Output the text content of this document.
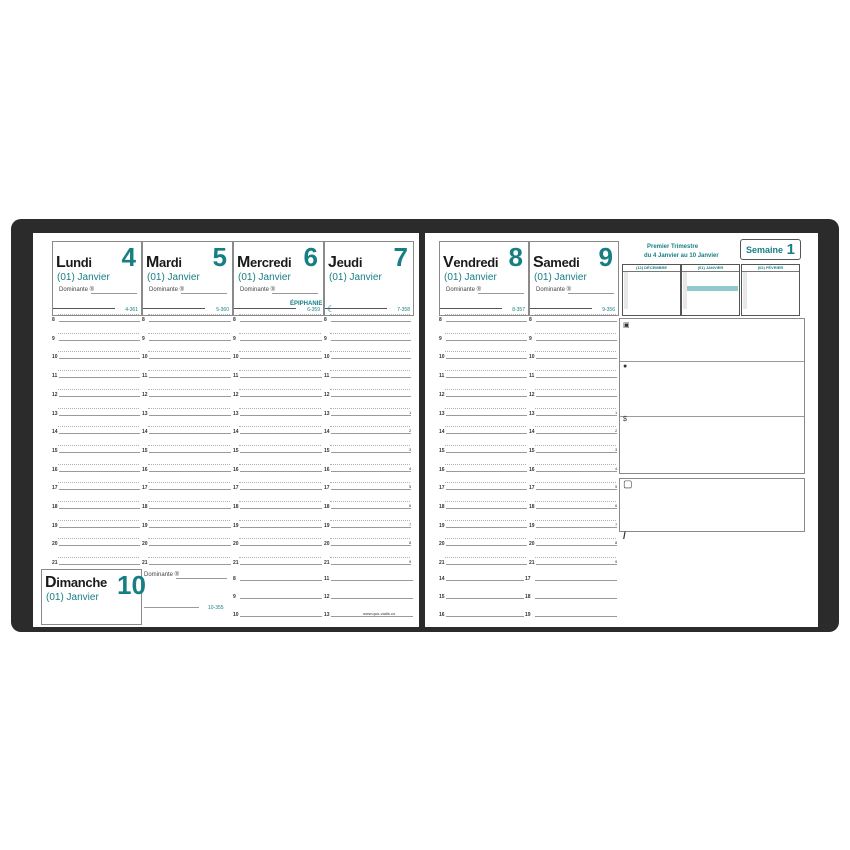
Lundi 4
(01) Janvier
Dominante ®
4-361
Mardi 5
(01) Janvier
Dominante ®
5-360
Mercredi 6
(01) Janvier
Dominante ®
ÉPIPHANIE
6-359
Jeudi 7
(01) Janvier
☾	7-358
8
9
10
11
12
13
14
15
16
17
18
19
20
21
8
9
10
11
12
13
14
15
16
17
18
19
20
21
8
9
10
11
12
13
14
15
16
17
18
19
20
21
8
9
10
11
12
13	1
14	2
15	3
16	4
17	5
18	6
19	7
20	8
21	9
8
9
10
11
12
13
Dimanche 10
(01) Janvier
Dominante ®
10-355
www.quo-vadis.co
Vendredi 8
(01) Janvier
Dominante ®
8-357
Samedi 9
(01) Janvier
Dominante ®
9-356
Premier Trimestre
du 4 Janvier au 10 Janvier
Semaine 1
8
9
10
11
12
13
14
15
16
17
18
19
20
21
8
9
10
11
12
13	1
14	2
15	3
16	4
17	5
18	6
19	7
20	8
21	9
14	17
15	18
16	19
▣
●
$
▢
/
(12) DÉCEMBRE	(01) JANVIER	(02) FÉVRIER
